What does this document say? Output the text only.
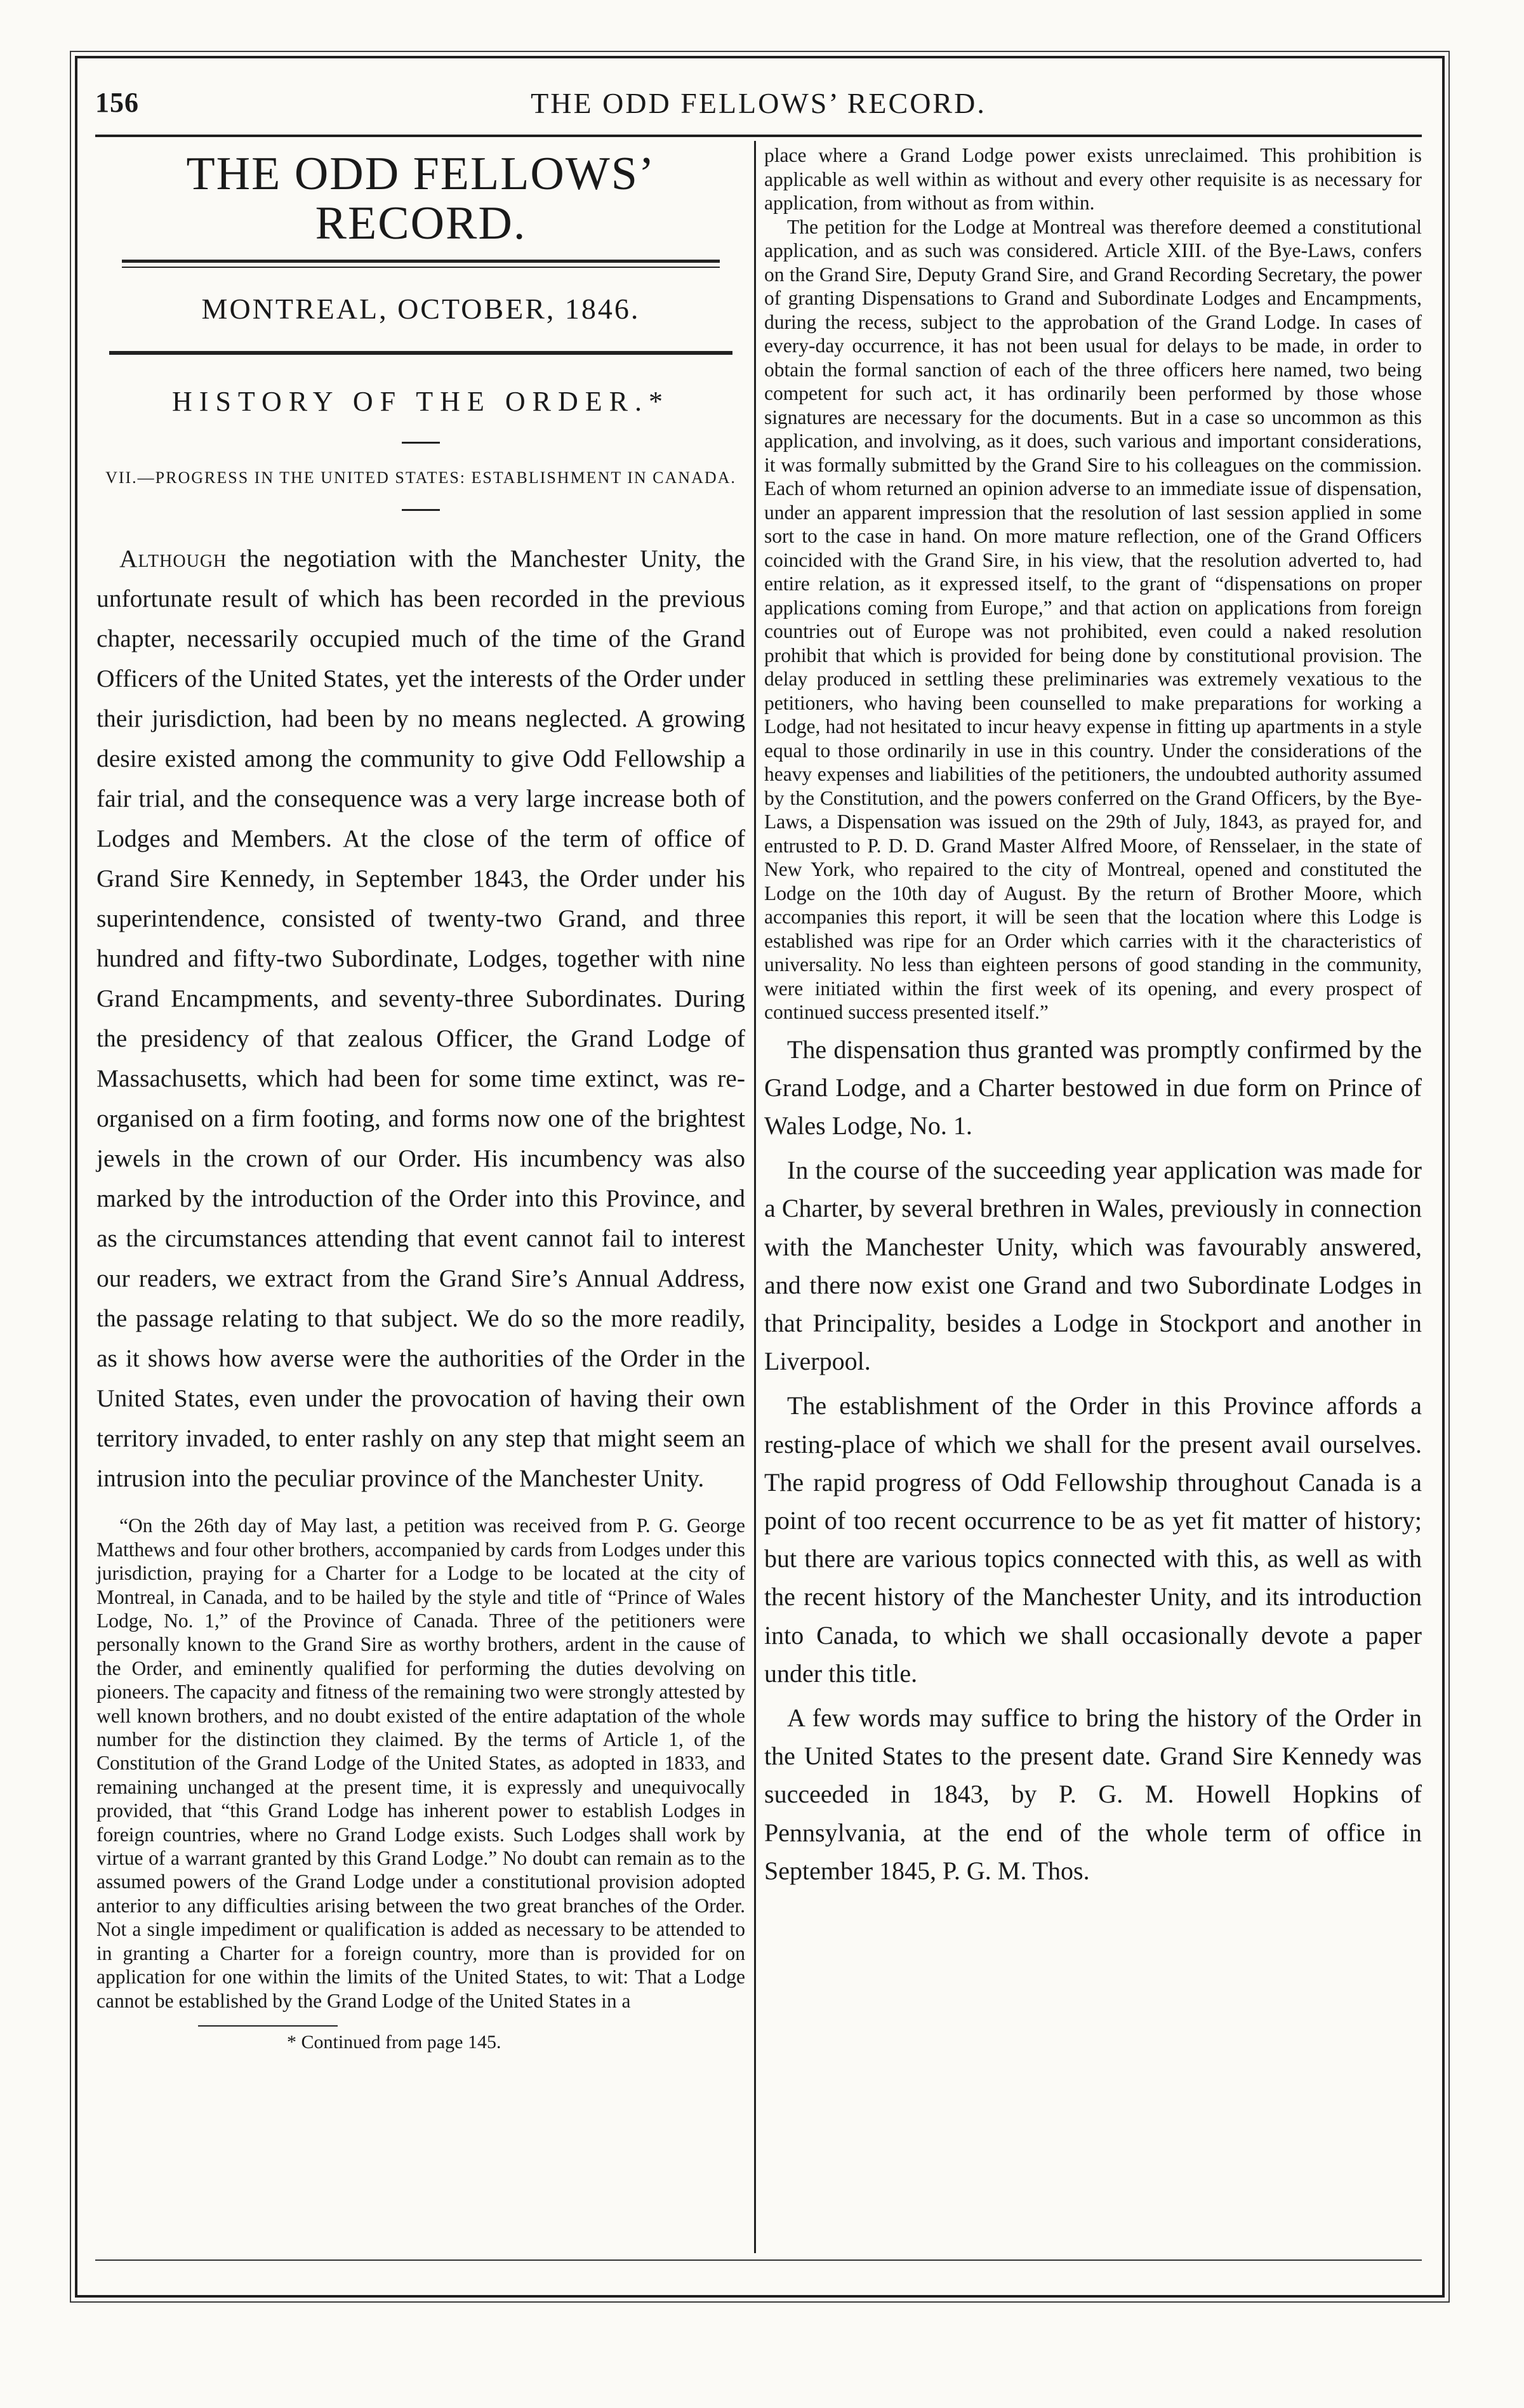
156	THE ODD FELLOWS’ RECORD.
THE ODD FELLOWS’ RECORD.
MONTREAL, OCTOBER, 1846.
HISTORY OF THE ORDER.*
VII.—PROGRESS IN THE UNITED STATES: ESTABLISHMENT IN CANADA.

Although the negotiation with the Manchester Unity, the unfortunate result of which has been recorded in the previous chapter, necessarily occupied much of the time of the Grand Officers of the United States, yet the interests of the Order under their jurisdiction, had been by no means neglected. A growing desire existed among the community to give Odd Fellowship a fair trial, and the consequence was a very large increase both of Lodges and Members. At the close of the term of office of Grand Sire Kennedy, in September 1843, the Order under his superintendence, consisted of twenty-two Grand, and three hundred and fifty-two Subordinate, Lodges, together with nine Grand Encampments, and seventy-three Subordinates. During the presidency of that zealous Officer, the Grand Lodge of Massachusetts, which had been for some time extinct, was re-organised on a firm footing, and forms now one of the brightest jewels in the crown of our Order. His incumbency was also marked by the introduction of the Order into this Province, and as the circumstances attending that event cannot fail to interest our readers, we extract from the Grand Sire’s Annual Address, the passage relating to that subject. We do so the more readily, as it shows how averse were the authorities of the Order in the United States, even under the provocation of having their own territory invaded, to enter rashly on any step that might seem an intrusion into the peculiar province of the Manchester Unity.

“On the 26th day of May last, a petition was received from P. G. George Matthews and four other brothers, accompanied by cards from Lodges under this jurisdiction, praying for a Charter for a Lodge to be located at the city of Montreal, in Canada, and to be hailed by the style and title of “Prince of Wales Lodge, No. 1,” of the Province of Canada. Three of the petitioners were personally known to the Grand Sire as worthy brothers, ardent in the cause of the Order, and eminently qualified for performing the duties devolving on pioneers. The capacity and fitness of the remaining two were strongly attested by well known brothers, and no doubt existed of the entire adaptation of the whole number for the distinction they claimed. By the terms of Article 1, of the Constitution of the Grand Lodge of the United States, as adopted in 1833, and remaining unchanged at the present time, it is expressly and unequivocally provided, that “this Grand Lodge has inherent power to establish Lodges in foreign countries, where no Grand Lodge exists. Such Lodges shall work by virtue of a warrant granted by this Grand Lodge.” No doubt can remain as to the assumed powers of the Grand Lodge under a constitutional provision adopted anterior to any difficulties arising between the two great branches of the Order. Not a single impediment or qualification is added as necessary to be attended to in granting a Charter for a foreign country, more than is provided for on application for one within the limits of the United States, to wit: That a Lodge cannot be established by the Grand Lodge of the United States in a

* Continued from page 145.

place where a Grand Lodge power exists unreclaimed. This prohibition is applicable as well within as without and every other requisite is as necessary for application, from without as from within.

The petition for the Lodge at Montreal was therefore deemed a constitutional application, and as such was considered. Article XIII. of the Bye-Laws, confers on the Grand Sire, Deputy Grand Sire, and Grand Recording Secretary, the power of granting Dispensations to Grand and Subordinate Lodges and Encampments, during the recess, subject to the approbation of the Grand Lodge. In cases of every-day occurrence, it has not been usual for delays to be made, in order to obtain the formal sanction of each of the three officers here named, two being competent for such act, it has ordinarily been performed by those whose signatures are necessary for the documents. But in a case so uncommon as this application, and involving, as it does, such various and important considerations, it was formally submitted by the Grand Sire to his colleagues on the commission. Each of whom returned an opinion adverse to an immediate issue of dispensation, under an apparent impression that the resolution of last session applied in some sort to the case in hand. On more mature reflection, one of the Grand Officers coincided with the Grand Sire, in his view, that the resolution adverted to, had entire relation, as it expressed itself, to the grant of “dispensations on proper applications coming from Europe,” and that action on applications from foreign countries out of Europe was not prohibited, even could a naked resolution prohibit that which is provided for being done by constitutional provision. The delay produced in settling these preliminaries was extremely vexatious to the petitioners, who having been counselled to make preparations for working a Lodge, had not hesitated to incur heavy expense in fitting up apartments in a style equal to those ordinarily in use in this country. Under the considerations of the heavy expenses and liabilities of the petitioners, the undoubted authority assumed by the Constitution, and the powers conferred on the Grand Officers, by the Bye-Laws, a Dispensation was issued on the 29th of July, 1843, as prayed for, and entrusted to P. D. D. Grand Master Alfred Moore, of Rensselaer, in the state of New York, who repaired to the city of Montreal, opened and constituted the Lodge on the 10th day of August. By the return of Brother Moore, which accompanies this report, it will be seen that the location where this Lodge is established was ripe for an Order which carries with it the characteristics of universality. No less than eighteen persons of good standing in the community, were initiated within the first week of its opening, and every prospect of continued success presented itself.”

The dispensation thus granted was promptly confirmed by the Grand Lodge, and a Charter bestowed in due form on Prince of Wales Lodge, No. 1.

In the course of the succeeding year application was made for a Charter, by several brethren in Wales, previously in connection with the Manchester Unity, which was favourably answered, and there now exist one Grand and two Subordinate Lodges in that Principality, besides a Lodge in Stockport and another in Liverpool.

The establishment of the Order in this Province affords a resting-place of which we shall for the present avail ourselves. The rapid progress of Odd Fellowship throughout Canada is a point of too recent occurrence to be as yet fit matter of history; but there are various topics connected with this, as well as with the recent history of the Manchester Unity, and its introduction into Canada, to which we shall occasionally devote a paper under this title.

A few words may suffice to bring the history of the Order in the United States to the present date. Grand Sire Kennedy was succeeded in 1843, by P. G. M. Howell Hopkins of Pennsylvania, at the end of the whole term of office in September 1845, P. G. M. Thos.
